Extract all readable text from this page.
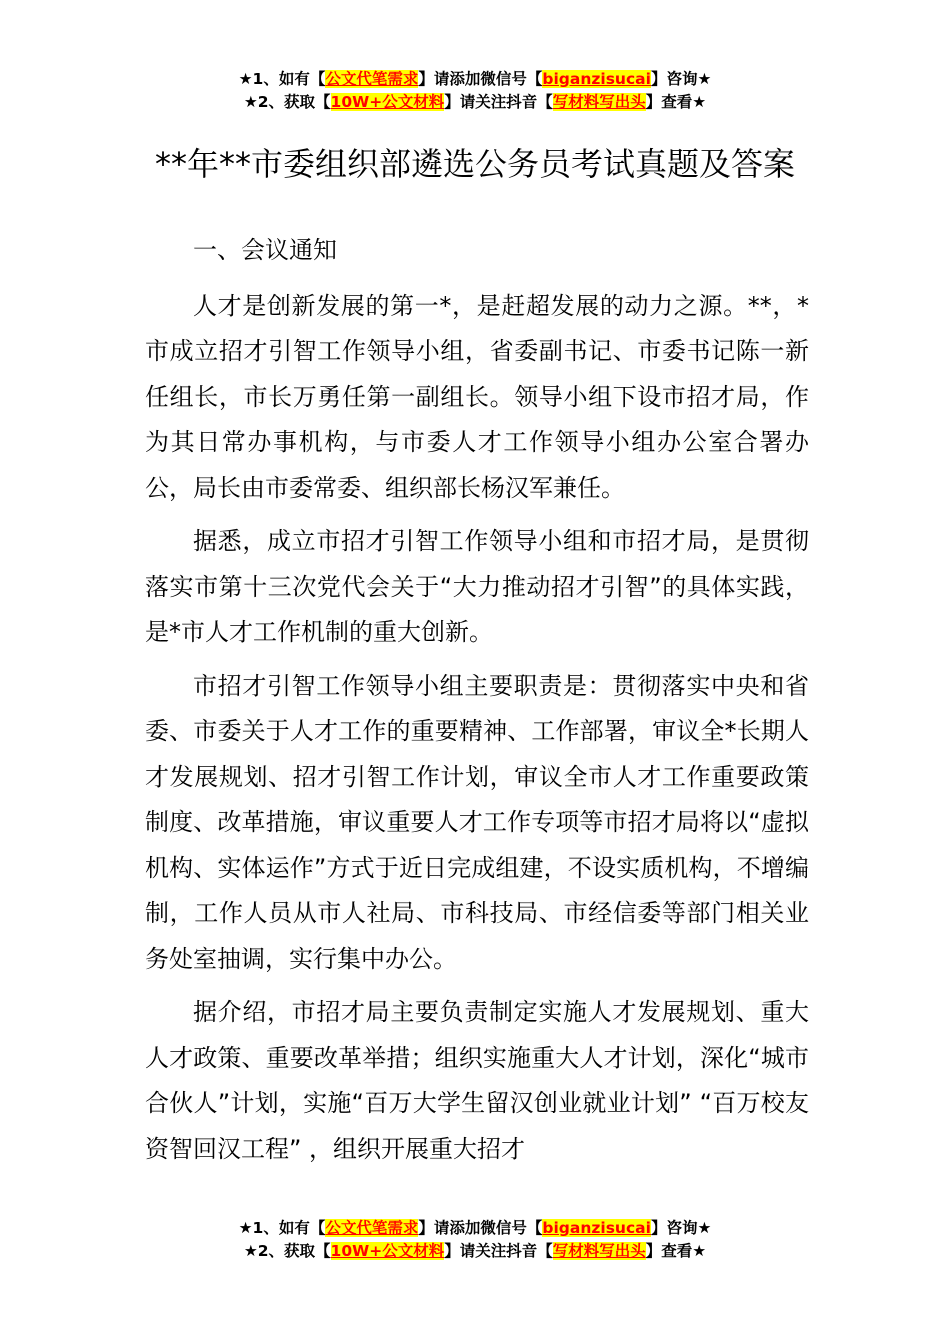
★1、如有【公文代笔需求】请添加微信号【biganzisucai】咨询★
★2、获取【10W+公文材料】请关注抖音【写材料写出头】查看★
**年**市委组织部遴选公务员考试真题及答案

一、会议通知

人才是创新发展的第一*，是赶超发展的动力之源。**，*市成立招才引智工作领导小组，省委副书记、市委书记陈一新任组长，市长万勇任第一副组长。领导小组下设市招才局，作为其日常办事机构，与市委人才工作领导小组办公室合署办公，局长由市委常委、组织部长杨汉军兼任。

据悉，成立市招才引智工作领导小组和市招才局，是贯彻落实市第十三次党代会关于“大力推动招才引智”的具体实践，是*市人才工作机制的重大创新。

市招才引智工作领导小组主要职责是：贯彻落实中央和省委、市委关于人才工作的重要精神、工作部署，审议全*长期人才发展规划、招才引智工作计划，审议全市人才工作重要政策制度、改革措施，审议重要人才工作专项等市招才局将以“虚拟机构、实体运作”方式于近日完成组建，不设实质机构，不增编制，工作人员从市人社局、市科技局、市经信委等部门相关业务处室抽调，实行集中办公。

据介绍，市招才局主要负责制定实施人才发展规划、重大人才政策、重要改革举措；组织实施重大人才计划，深化“城市合伙人”计划，实施“百万大学生留汉创业就业计划” “百万校友资智回汉工程” ，组织开展重大招才

★1、如有【公文代笔需求】请添加微信号【biganzisucai】咨询★
★2、获取【10W+公文材料】请关注抖音【写材料写出头】查看★
